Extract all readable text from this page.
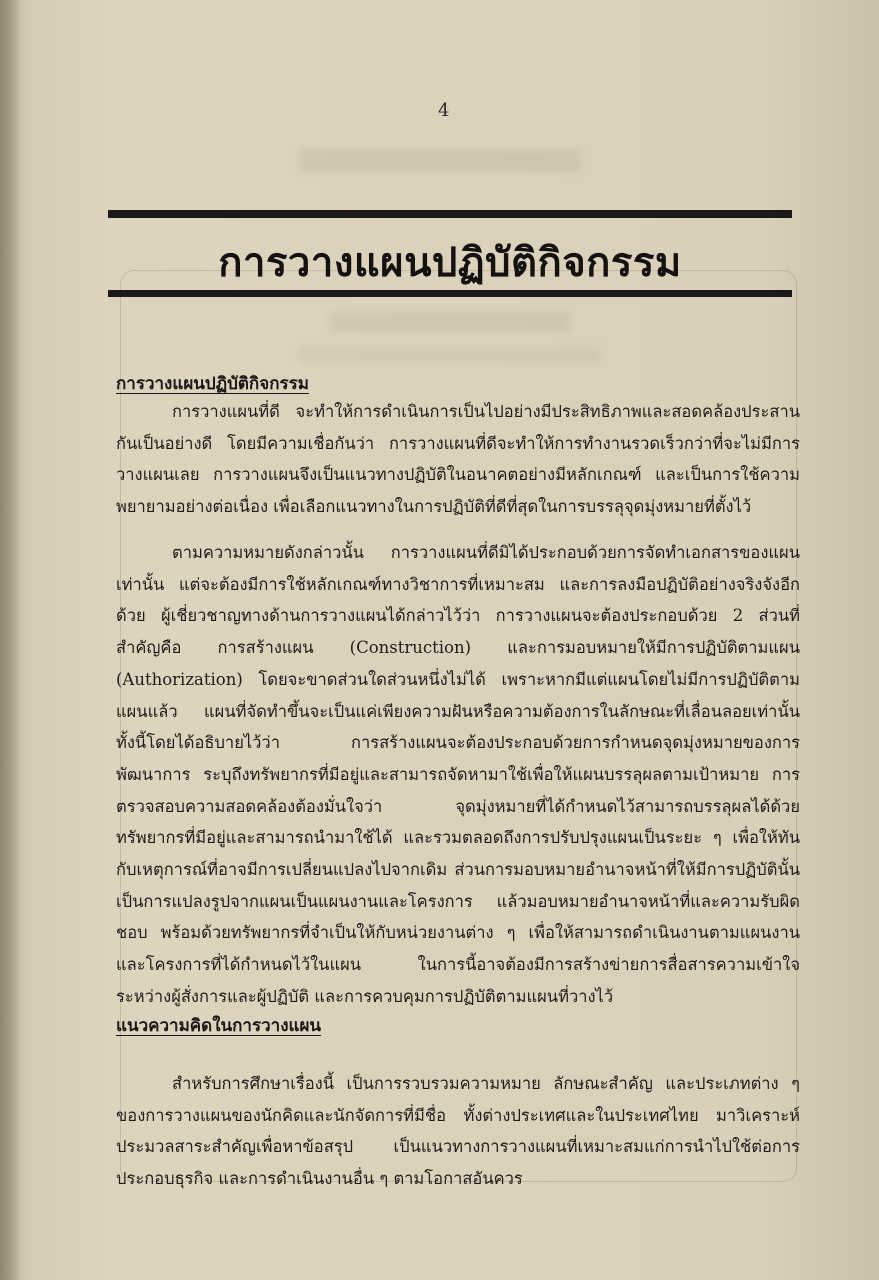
4
การวางแผนปฏิบัติกิจกรรม
การวางแผนปฏิบัติกิจกรรม

การวางแผนที่ดี จะทำให้การดำเนินการเป็นไปอย่างมีประสิทธิภาพและสอดคล้องประสานกันเป็นอย่างดี โดยมีความเชื่อกันว่า การวางแผนที่ดีจะทำให้การทำงานรวดเร็วกว่าที่จะไม่มีการวางแผนเลย การวางแผนจึงเป็นแนวทางปฏิบัติในอนาคตอย่างมีหลักเกณฑ์ และเป็นการใช้ความพยายามอย่างต่อเนื่อง เพื่อเลือกแนวทางในการปฏิบัติที่ดีที่สุดในการบรรลุจุดมุ่งหมายที่ตั้งไว้

ตามความหมายดังกล่าวนั้น การวางแผนที่ดีมิได้ประกอบด้วยการจัดทำเอกสารของแผนเท่านั้น แต่จะต้องมีการใช้หลักเกณฑ์ทางวิชาการที่เหมาะสม และการลงมือปฏิบัติอย่างจริงจังอีกด้วย ผู้เชี่ยวชาญทางด้านการวางแผนได้กล่าวไว้ว่า การวางแผนจะต้องประกอบด้วย 2 ส่วนที่สำคัญคือ การสร้างแผน (Construction) และการมอบหมายให้มีการปฏิบัติตามแผน (Authorization) โดยจะขาดส่วนใดส่วนหนึ่งไม่ได้ เพราะหากมีแต่แผนโดยไม่มีการปฏิบัติตามแผนแล้ว แผนที่จัดทำขึ้นจะเป็นแค่เพียงความฝันหรือความต้องการในลักษณะที่เลื่อนลอยเท่านั้น ทั้งนี้โดยได้อธิบายไว้ว่า การสร้างแผนจะต้องประกอบด้วยการกำหนดจุดมุ่งหมายของการพัฒนาการ ระบุถึงทรัพยากรที่มีอยู่และสามารถจัดหามาใช้เพื่อให้แผนบรรลุผลตามเป้าหมาย การตรวจสอบความสอดคล้องต้องมั่นใจว่า จุดมุ่งหมายที่ได้กำหนดไว้สามารถบรรลุผลได้ด้วยทรัพยากรที่มีอยู่และสามารถนำมาใช้ได้ และรวมตลอดถึงการปรับปรุงแผนเป็นระยะ ๆ เพื่อให้ทันกับเหตุการณ์ที่อาจมีการเปลี่ยนแปลงไปจากเดิม ส่วนการมอบหมายอำนาจหน้าที่ให้มีการปฏิบัตินั้น เป็นการแปลงรูปจากแผนเป็นแผนงานและโครงการ แล้วมอบหมายอำนาจหน้าที่และความรับผิดชอบ พร้อมด้วยทรัพยากรที่จำเป็นให้กับหน่วยงานต่าง ๆ เพื่อให้สามารถดำเนินงานตามแผนงานและโครงการที่ได้กำหนดไว้ในแผน ในการนี้อาจต้องมีการสร้างข่ายการสื่อสารความเข้าใจระหว่างผู้สั่งการและผู้ปฏิบัติ และการควบคุมการปฏิบัติตามแผนที่วางไว้

แนวความคิดในการวางแผน

สำหรับการศึกษาเรื่องนี้ เป็นการรวบรวมความหมาย ลักษณะสำคัญ และประเภทต่าง ๆ ของการวางแผนของนักคิดและนักจัดการที่มีชื่อ ทั้งต่างประเทศและในประเทศไทย มาวิเคราะห์ประมวลสาระสำคัญเพื่อหาข้อสรุป เป็นแนวทางการวางแผนที่เหมาะสมแก่การนำไปใช้ต่อการประกอบธุรกิจ และการดำเนินงานอื่น ๆ ตามโอกาสอันควร
